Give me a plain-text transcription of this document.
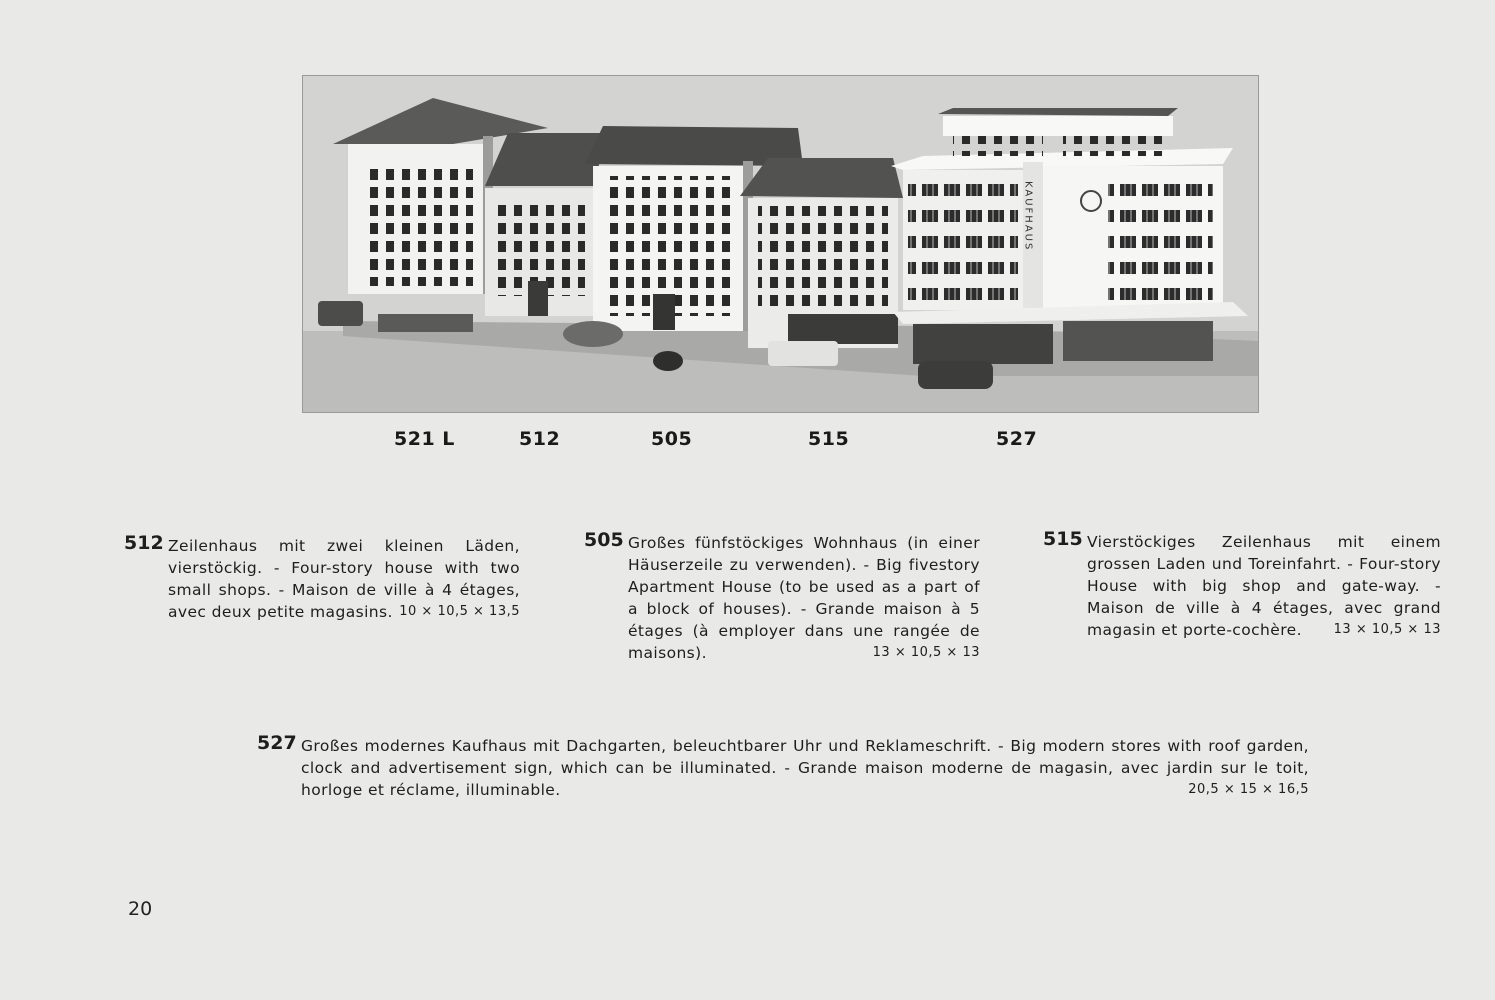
KAUFHAUS
521 L	512	505	515	527
512 Zeilenhaus mit zwei kleinen Läden, vierstöckig. - Four-story house with two small shops. - Maison de ville à 4 étages, avec deux petite magasins. 10 × 10,5 × 13,5

505 Großes fünfstöckiges Wohnhaus (in einer Häuserzeile zu verwenden). - Big fivestory Apartment House (to be used as a part of a block of houses). - Grande maison à 5 étages (à employer dans une rangée de maisons).	13 × 10,5 × 13

515 Vierstöckiges Zeilenhaus mit einem grossen Laden und Toreinfahrt. - Four-story House with big shop and gate-way. - Maison de ville à 4 étages, avec grand magasin et porte-cochère. 13 × 10,5 × 13

527 Großes modernes Kaufhaus mit Dachgarten, beleuchtbarer Uhr und Reklameschrift. - Big modern stores with roof garden, clock and advertisement sign, which can be illuminated. - Grande maison moderne de magasin, avec jardin sur le toit, horloge et réclame, illuminable.	20,5 × 15 × 16,5

20
